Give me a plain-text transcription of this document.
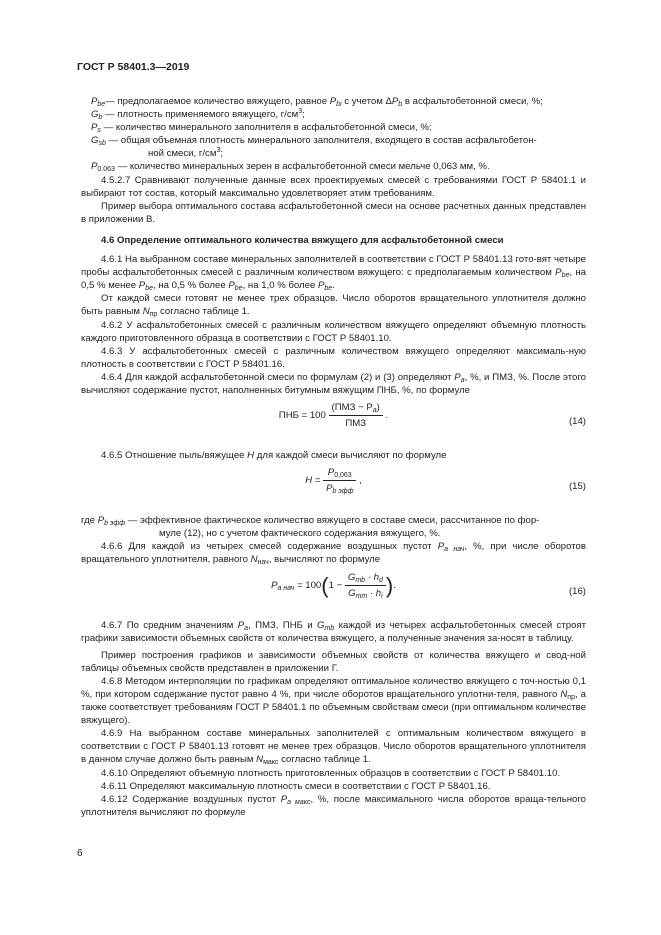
ГОСТ Р 58401.3—2019

$P_{be}—$ предполагаемое количество вяжущего, равное $P_{bi}$ с учетом $\Delta P_b$ в асфальтобетонной смеси, %;

$G_b$ — плотность применяемого вяжущего, $г/см^3$;

$P_s$ — количество минерального заполнителя в асфальтобетонной смеси, %;

$G_{sb}$ — общая объемная плотность минерального заполнителя, входящего в состав асфальтобетон-
ной смеси, $г/см^3$;

$P_{0.063}$ — количество минеральных зерен в асфальтобетонной смеси мельче 0,063 мм, %.

4.5.2.7 Сравнивают полученные данные всех проектируемых смесей с требованиями ГОСТ Р 58401.1 и выбирают тот состав, который максимально удовлетворяет этим требованиям.

Пример выбора оптимального состава асфальтобетонной смеси на основе расчетных данных представлен в приложении В.

4.6 Определение оптимального количества вяжущего для асфальтобетонной смеси

4.6.1 На выбранном составе минеральных заполнителей в соответствии с ГОСТ Р 58401.13 гото-вят четыре пробы асфальтобетонных смесей с различным количеством вяжущего: с предполагаемым количеством $P_{be}$, на 0,5 % менее $P_{be}$, на 0,5 % более $P_{be}$, на 1,0 % более $P_{be}$.

От каждой смеси готовят не менее трех образцов. Число оборотов вращательного уплотнителя должно быть равным $N_{пр}$ согласно таблице 1.

4.6.2 У асфальтобетонных смесей с различным количеством вяжущего определяют объемную плотность каждого приготовленного образца в соответствии с ГОСТ Р 58401.10.

4.6.3 У асфальтобетонных смесей с различным количеством вяжущего определяют максималь-ную плотность в соответствии с ГОСТ Р 58401.16.

4.6.4 Для каждой асфальтобетонной смеси по формулам (2) и (3) определяют $P_a$, %, и ПМЗ, %. После этого вычисляют содержание пустот, наполненных битумным вяжущим ПНБ, %, по формуле

ПНБ = $100 \frac{(ПМЗ - P_a)}{\text{ПМЗ}}$ .
(14)

4.6.5 Отношение пыль/вяжущее H для каждой смеси вычисляют по формуле

$H = \frac{P_{0,063}}{P_{b эфф}}$ ,
(15)

где $P_{b эфф}$ — эффективное фактическое количество вяжущего в составе смеси, рассчитанное по фор-

муле (12), но с учетом фактического содержания вяжущего, %.

4.6.6 Для каждой из четырех смесей содержание воздушных пустот $P_{a нач}$, %, при числе оборотов вращательного уплотнителя, равного $N_{нач}$, вычисляют по формуле

$P_{a нач} = 100(1 - \frac{G_{mb} \cdot h_d}{G_{mm} \cdot h_i}$ ).
(16)

4.6.7 По средним значениям $P_a$, ПМЗ, ПНБ и $G_{mb}$ каждой из четырех асфальтобетонных смесей строят графики зависимости объемных свойств от количества вяжущего, а полученные значения за-носят в таблицу.

Пример построения графиков и зависимости объемных свойств от количества вяжущего и свод-ной таблицы объемных свойств представлен в приложении Г.

4.6.8 Методом интерполяции по графикам определяют оптимальное количество вяжущего с точ-ностью 0,1 %, при котором содержание пустот равно 4 %, при числе оборотов вращательного уплотни-теля, равного $N_{пр}$, а также соответствует требованиям ГОСТ Р 58401.1 по объемным свойствам смеси (при оптимальном количестве вяжущего).

4.6.9 На выбранном составе минеральных заполнителей с оптимальным количеством вяжущего в соответствии с ГОСТ Р 58401.13 готовят не менее трех образцов. Число оборотов вращательного уплотнителя в данном случае должно быть равным $N_{макс}$ согласно таблице 1.

4.6.10 Определяют объемную плотность приготовленных образцов в соответствии с ГОСТ Р 58401.10.

4.6.11 Определяют максимальную плотность смеси в соответствии с ГОСТ Р 58401.16.

4.6.12 Содержание воздушных пустот $P_{a макс}$, %, после максимального числа оборотов враща-тельного уплотнителя вычисляют по формуле

6
